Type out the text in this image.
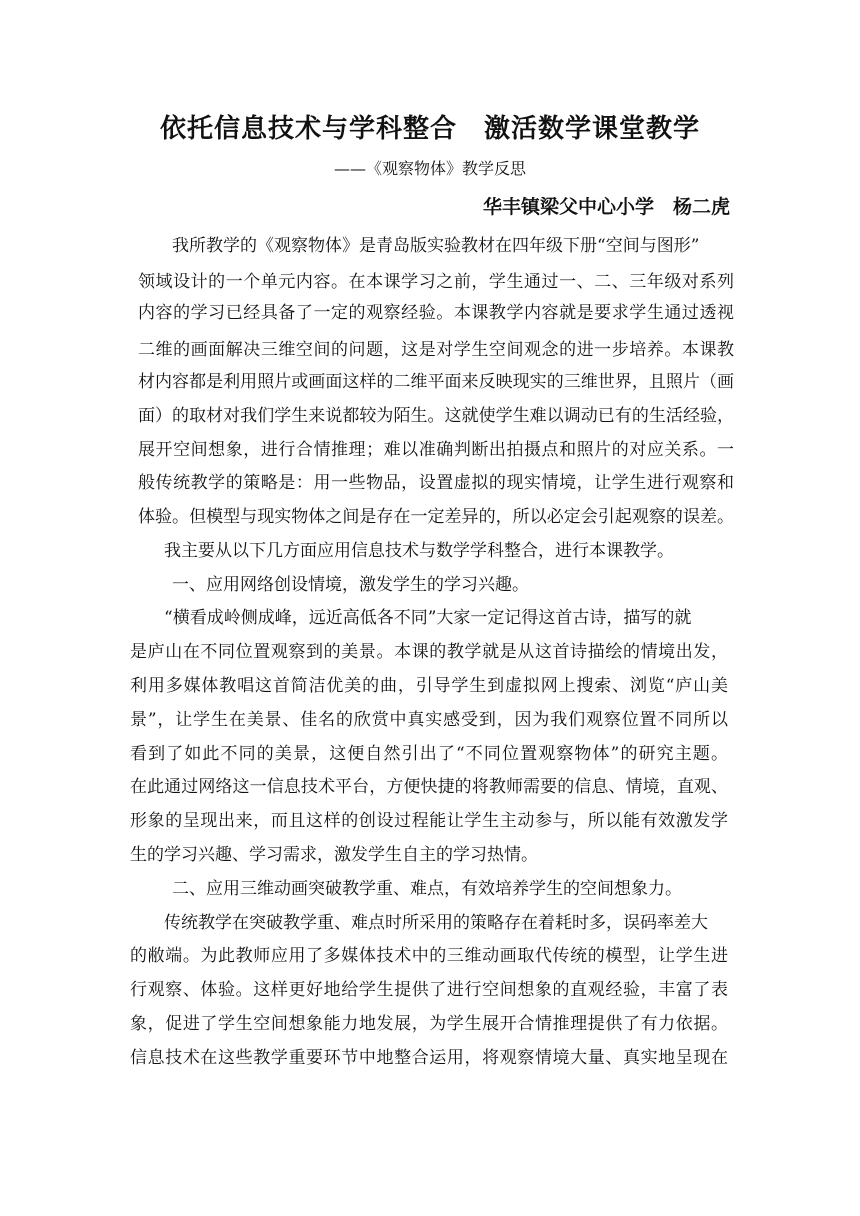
依托信息技术与学科整合　激活数学课堂教学
——《观察物体》教学反思
华丰镇梁父中心小学　杨二虎
我所教学的《观察物体》是青岛版实验教材在四年级下册“空间与图形”
领域设计的一个单元内容。在本课学习之前，学生通过一、二、三年级对系列
内容的学习已经具备了一定的观察经验。本课教学内容就是要求学生通过透视
二维的画面解决三维空间的问题，这是对学生空间观念的进一步培养。本课教
材内容都是利用照片或画面这样的二维平面来反映现实的三维世界，且照片（画
面）的取材对我们学生来说都较为陌生。这就使学生难以调动已有的生活经验，
展开空间想象，进行合情推理；难以准确判断出拍摄点和照片的对应关系。一
般传统教学的策略是：用一些物品，设置虚拟的现实情境，让学生进行观察和
体验。但模型与现实物体之间是存在一定差异的，所以必定会引起观察的误差。
我主要从以下几方面应用信息技术与数学学科整合，进行本课教学。
一、应用网络创设情境，激发学生的学习兴趣。
“横看成岭侧成峰，远近高低各不同”大家一定记得这首古诗，描写的就
是庐山在不同位置观察到的美景。本课的教学就是从这首诗描绘的情境出发，
利用多媒体教唱这首简洁优美的曲，引导学生到虚拟网上搜索、浏览“庐山美
景”，让学生在美景、佳名的欣赏中真实感受到，因为我们观察位置不同所以
看到了如此不同的美景，这便自然引出了“不同位置观察物体”的研究主题。
在此通过网络这一信息技术平台，方便快捷的将教师需要的信息、情境，直观、
形象的呈现出来，而且这样的创设过程能让学生主动参与，所以能有效激发学
生的学习兴趣、学习需求，激发学生自主的学习热情。
二、应用三维动画突破教学重、难点，有效培养学生的空间想象力。
传统教学在突破教学重、难点时所采用的策略存在着耗时多，误码率差大
的敝端。为此教师应用了多媒体技术中的三维动画取代传统的模型，让学生进
行观察、体验。这样更好地给学生提供了进行空间想象的直观经验，丰富了表
象，促进了学生空间想象能力地发展，为学生展开合情推理提供了有力依据。
信息技术在这些教学重要环节中地整合运用，将观察情境大量、真实地呈现在
